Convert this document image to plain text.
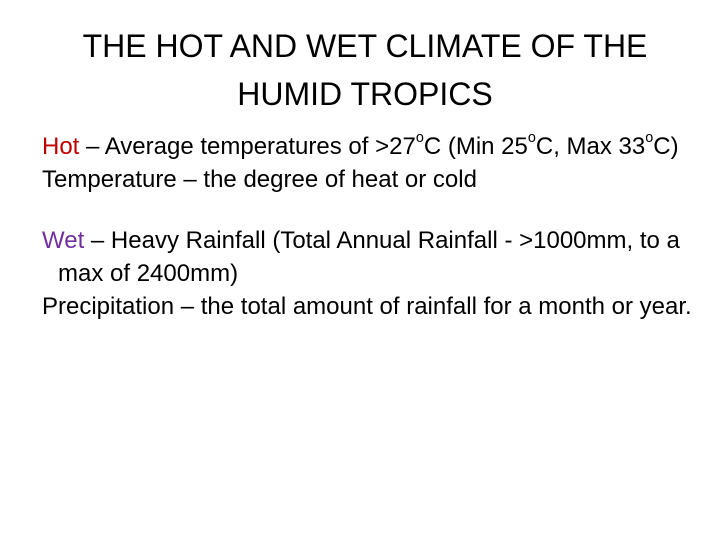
THE HOT AND WET CLIMATE OF THE
HUMID TROPICS

Hot – Average temperatures of $>27^oC$ (Min 25$^o$C, Max 33$^o$C)

Temperature – the degree of heat or cold

Wet – Heavy Rainfall (Total Annual Rainfall - >1000mm, to a max of 2400mm)

Precipitation – the total amount of rainfall for a month or year.
